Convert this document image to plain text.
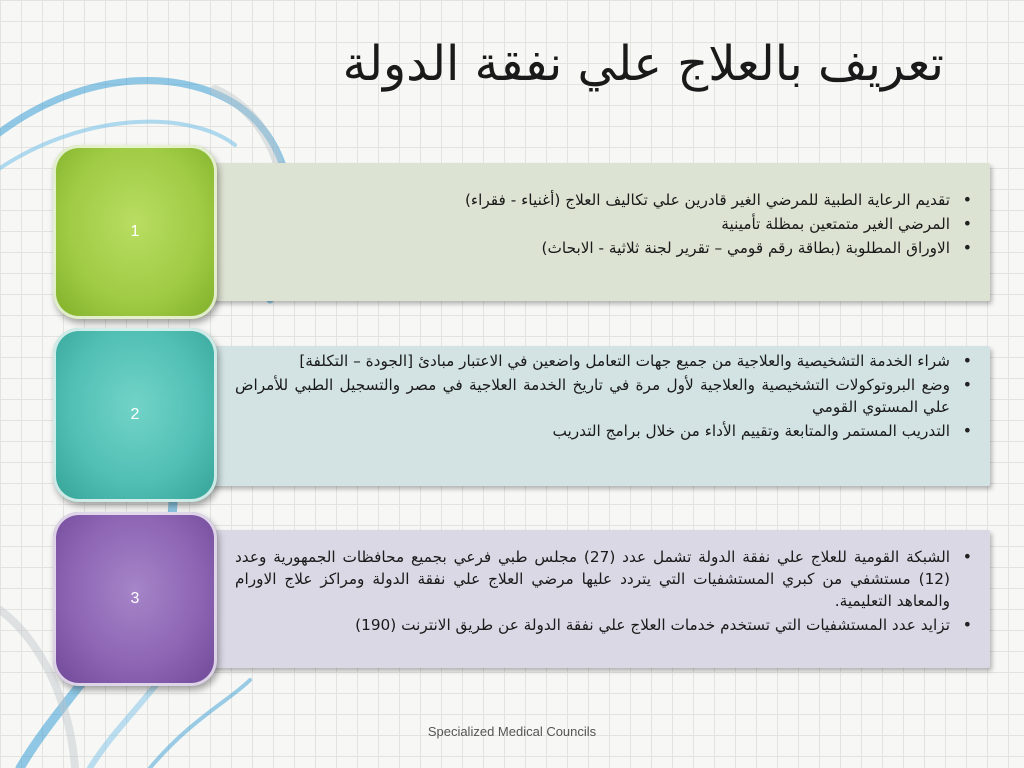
تعريف بالعلاج علي نفقة الدولة
• تقديم الرعاية الطبية للمرضي الغير قادرين علي تكاليف العلاج (أغنياء - فقراء)
• المرضي الغير متمتعين بمظلة تأمينية
• الاوراق المطلوبة (بطاقة رقم قومي – تقرير لجنة ثلاثية - الابحاث)
1
• شراء الخدمة التشخيصية والعلاجية من جميع جهات التعامل واضعين في الاعتبار مبادئ [الجودة – التكلفة]
• وضع البروتوكولات التشخيصية والعلاجية لأول مرة في تاريخ الخدمة العلاجية في مصر والتسجيل الطبي للأمراض علي المستوي القومي
• التدريب المستمر والمتابعة وتقييم الأداء من خلال برامج التدريب
2
• الشبكة القومية للعلاج علي نفقة الدولة تشمل عدد (27) مجلس طبي فرعي بجميع محافظات الجمهورية وعدد (12) مستشفي من كبري المستشفيات التي يتردد عليها مرضي العلاج علي نفقة الدولة ومراكز علاج الاورام والمعاهد التعليمية.
• تزايد عدد المستشفيات التي تستخدم خدمات العلاج علي نفقة الدولة عن طريق الانترنت (190)
3
Specialized Medical Councils
